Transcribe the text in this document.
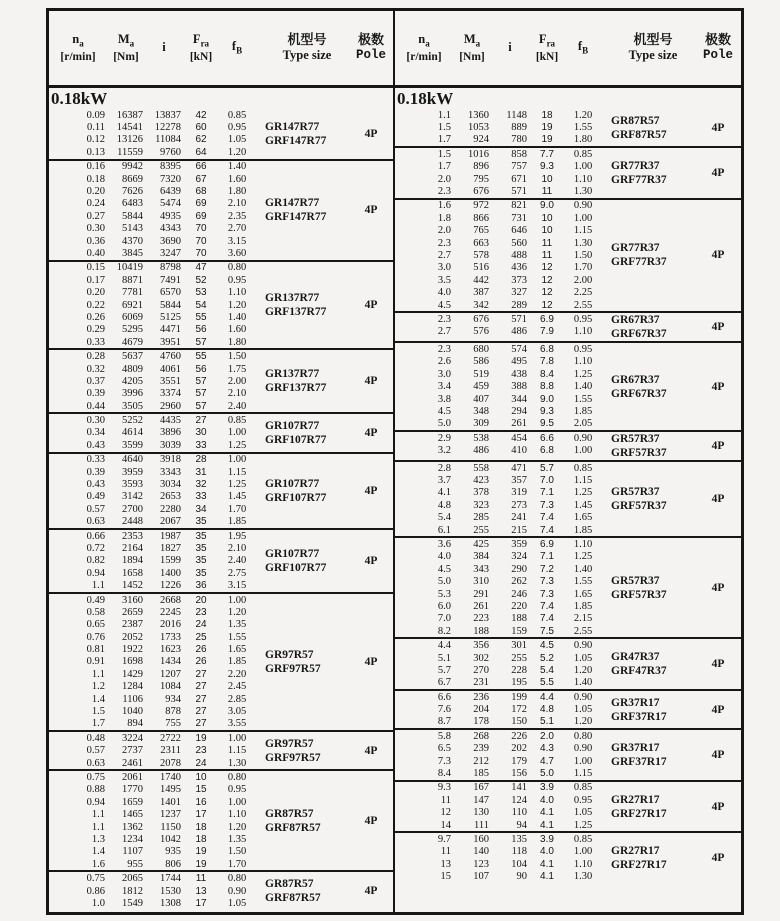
$n_a$
[r/min]
$M_a$
[Nm]
i
$F_{ra}$
[kN]
$f_B$
机型号
Type size
极数
Pole
0.18kW
0.09	16387	13837	42	0.85
0.11	14541	12278	60	0.95
0.12	13126	11084	62	1.05
0.13	11559	9760	64	1.20
GR147R77
GRF147R77
4P
0.16	9942	8395	66	1.40
0.18	8669	7320	67	1.60
0.20	7626	6439	68	1.80
0.24	6483	5474	69	2.10
0.27	5844	4935	69	2.35
0.30	5143	4343	70	2.70
0.36	4370	3690	70	3.15
0.40	3845	3247	70	3.60
GR147R77
GRF147R77
4P
0.15	10419	8798	47	0.80
0.17	8871	7491	52	0.95
0.20	7781	6570	53	1.10
0.22	6921	5844	54	1.20
0.26	6069	5125	55	1.40
0.29	5295	4471	56	1.60
0.33	4679	3951	57	1.80
GR137R77
GRF137R77
4P
0.28	5637	4760	55	1.50
0.32	4809	4061	56	1.75
0.37	4205	3551	57	2.00
0.39	3996	3374	57	2.10
0.44	3505	2960	57	2.40
GR137R77
GRF137R77
4P
0.30	5252	4435	27	0.85
0.34	4614	3896	30	1.00
0.43	3599	3039	33	1.25
GR107R77
GRF107R77
4P
0.33	4640	3918	28	1.00
0.39	3959	3343	31	1.15
0.43	3593	3034	32	1.25
0.49	3142	2653	33	1.45
0.57	2700	2280	34	1.70
0.63	2448	2067	35	1.85
GR107R77
GRF107R77
4P
0.66	2353	1987	35	1.95
0.72	2164	1827	35	2.10
0.82	1894	1599	35	2.40
0.94	1658	1400	35	2.75
1.1	1452	1226	36	3.15
GR107R77
GRF107R77
4P
0.49	3160	2668	20	1.00
0.58	2659	2245	23	1.20
0.65	2387	2016	24	1.35
0.76	2052	1733	25	1.55
0.81	1922	1623	26	1.65
0.91	1698	1434	26	1.85
1.1	1429	1207	27	2.20
1.2	1284	1084	27	2.45
1.4	1106	934	27	2.85
1.5	1040	878	27	3.05
1.7	894	755	27	3.55
GR97R57
GRF97R57
4P
0.48	3224	2722	19	1.00
0.57	2737	2311	23	1.15
0.63	2461	2078	24	1.30
GR97R57
GRF97R57
4P
0.75	2061	1740	10	0.80
0.88	1770	1495	15	0.95
0.94	1659	1401	16	1.00
1.1	1465	1237	17	1.10
1.1	1362	1150	18	1.20
1.3	1234	1042	18	1.35
1.4	1107	935	19	1.50
1.6	955	806	19	1.70
GR87R57
GRF87R57
4P
0.75	2065	1744	11	0.80
0.86	1812	1530	13	0.90
1.0	1549	1308	17	1.05
GR87R57
GRF87R57
4P
$n_a$
[r/min]
$M_a$
[Nm]
i
$F_{ra}$
[kN]
$f_B$
机型号
Type size
极数
Pole
0.18kW
1.1	1360	1148	18	1.20
1.5	1053	889	19	1.55
1.7	924	780	19	1.80
GR87R57
GRF87R57
4P
1.5	1016	858	7.7	0.85
1.7	896	757	9.3	1.00
2.0	795	671	10	1.10
2.3	676	571	11	1.30
GR77R37
GRF77R37
4P
1.6	972	821	9.0	0.90
1.8	866	731	10	1.00
2.0	765	646	10	1.15
2.3	663	560	11	1.30
2.7	578	488	11	1.50
3.0	516	436	12	1.70
3.5	442	373	12	2.00
4.0	387	327	12	2.25
4.5	342	289	12	2.55
GR77R37
GRF77R37
4P
2.3	676	571	6.9	0.95
2.7	576	486	7.9	1.10
GR67R37
GRF67R37
4P
2.3	680	574	6.8	0.95
2.6	586	495	7.8	1.10
3.0	519	438	8.4	1.25
3.4	459	388	8.8	1.40
3.8	407	344	9.0	1.55
4.5	348	294	9.3	1.85
5.0	309	261	9.5	2.05
GR67R37
GRF67R37
4P
2.9	538	454	6.6	0.90
3.2	486	410	6.8	1.00
GR57R37
GRF57R37
4P
2.8	558	471	5.7	0.85
3.7	423	357	7.0	1.15
4.1	378	319	7.1	1.25
4.8	323	273	7.3	1.45
5.4	285	241	7.4	1.65
6.1	255	215	7.4	1.85
GR57R37
GRF57R37
4P
3.6	425	359	6.9	1.10
4.0	384	324	7.1	1.25
4.5	343	290	7.2	1.40
5.0	310	262	7.3	1.55
5.3	291	246	7.3	1.65
6.0	261	220	7.4	1.85
7.0	223	188	7.4	2.15
8.2	188	159	7.5	2.55
GR57R37
GRF57R37
4P
4.4	356	301	4.5	0.90
5.1	302	255	5.2	1.05
5.7	270	228	5.4	1.20
6.7	231	195	5.5	1.40
GR47R37
GRF47R37
4P
6.6	236	199	4.4	0.90
7.6	204	172	4.8	1.05
8.7	178	150	5.1	1.20
GR37R17
GRF37R17
4P
5.8	268	226	2.0	0.80
6.5	239	202	4.3	0.90
7.3	212	179	4.7	1.00
8.4	185	156	5.0	1.15
GR37R17
GRF37R17
4P
9.3	167	141	3.9	0.85
11	147	124	4.0	0.95
12	130	110	4.1	1.05
14	111	94	4.1	1.25
GR27R17
GRF27R17
4P
9.7	160	135	3.9	0.85
11	140	118	4.0	1.00
13	123	104	4.1	1.10
15	107	90	4.1	1.30
GR27R17
GRF27R17
4P
